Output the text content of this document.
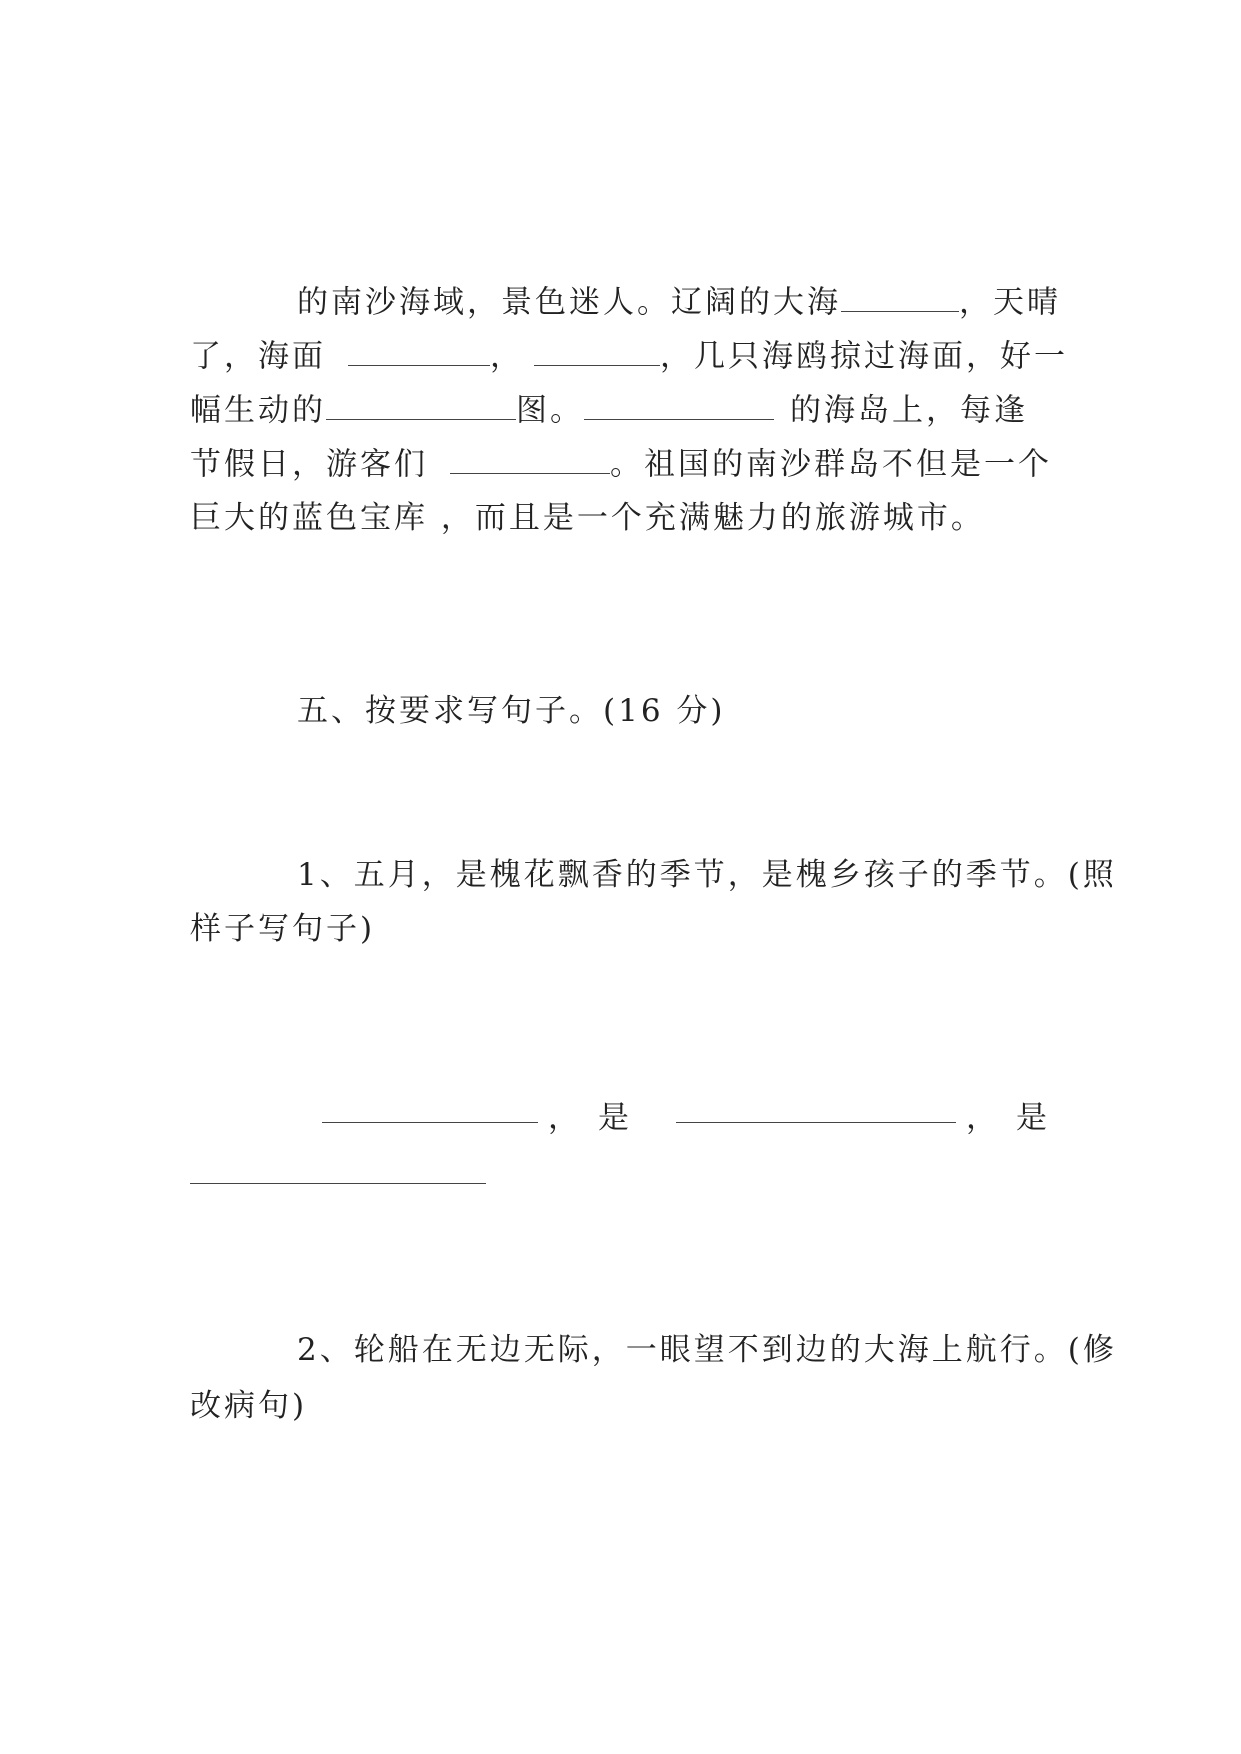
的南沙海域，景色迷人。辽阔的大海	，天晴
了，海面	，	，几只海鸥掠过海面，好一
幅生动的	图。	的海岛上，每逢
节假日，游客们	。祖国的南沙群岛不但是一个
巨大的蓝色宝库 ，而且是一个充满魅力的旅游城市。
五、按要求写句子。(16 分)
1、五月，是槐花飘香的季节，是槐乡孩子的季节。(照
样子写句子)
， 是	， 是
2、轮船在无边无际，一眼望不到边的大海上航行。(修
改病句)
